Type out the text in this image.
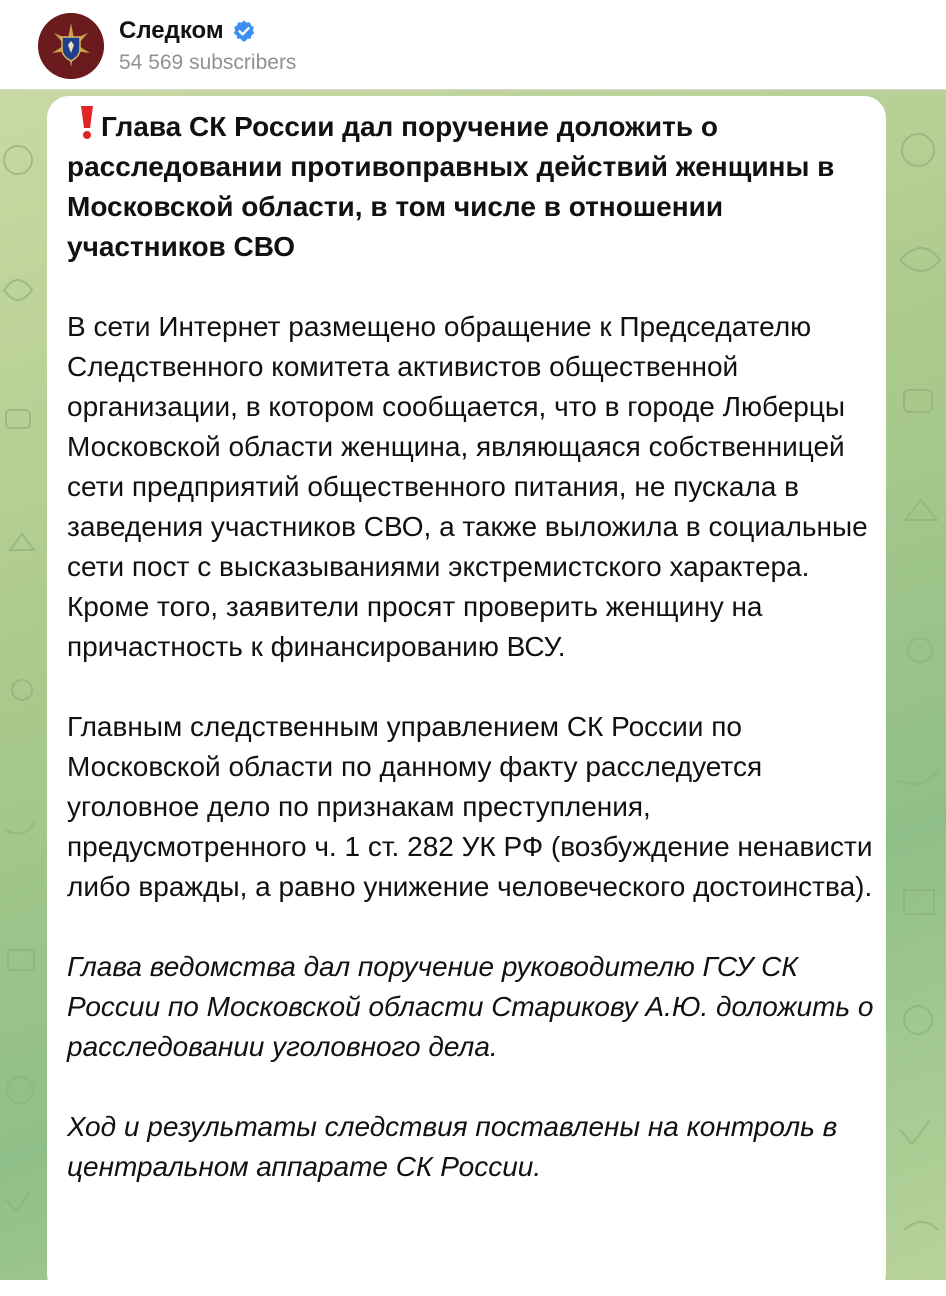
Следком
54 569 subscribers

Глава СК России дал поручение доложить о расследовании противоправных действий женщины в Московской области, в том числе в отношении участников СВО

В сети Интернет размещено обращение к Председателю Следственного комитета активистов общественной организации, в котором сообщается, что в городе Люберцы Московской области женщина, являющаяся собственницей сети предприятий общественного питания, не пускала в заведения участников СВО, а также выложила в социальные сети пост с высказываниями экстремистского характера. Кроме того, заявители просят проверить женщину на причастность к финансированию ВСУ.

Главным следственным управлением СК России по Московской области по данному факту расследуется уголовное дело по признакам преступления, предусмотренного ч. 1 ст. 282 УК РФ (возбуждение ненависти либо вражды, а равно унижение человеческого достоинства).

Глава ведомства дал поручение руководителю ГСУ СК России по Московской области Старикову А.Ю. доложить о расследовании уголовного дела.

Ход и результаты следствия поставлены на контроль в центральном аппарате СК России.
